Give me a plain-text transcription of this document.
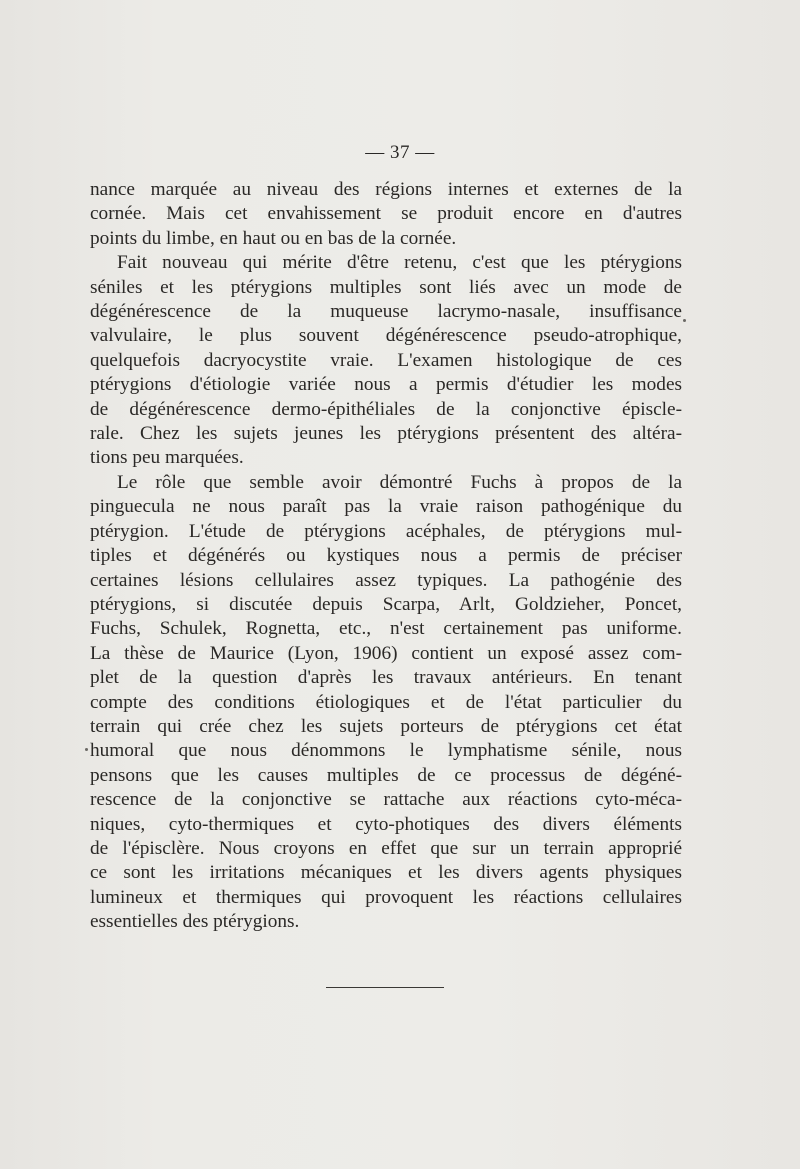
— 37 —
nance marquée au niveau des régions internes et externes de la
cornée. Mais cet envahissement se produit encore en d'autres
points du limbe, en haut ou en bas de la cornée.
Fait nouveau qui mérite d'être retenu, c'est que les ptérygions
séniles et les ptérygions multiples sont liés avec un mode de
dégénérescence de la muqueuse lacrymo-nasale, insuffisance
valvulaire, le plus souvent dégénérescence pseudo-atrophique,
quelquefois dacryocystite vraie. L'examen histologique de ces
ptérygions d'étiologie variée nous a permis d'étudier les modes
de dégénérescence dermo-épithéliales de la conjonctive épiscle-
rale. Chez les sujets jeunes les ptérygions présentent des altéra-
tions peu marquées.
Le rôle que semble avoir démontré Fuchs à propos de la
pinguecula ne nous paraît pas la vraie raison pathogénique du
ptérygion. L'étude de ptérygions acéphales, de ptérygions mul-
tiples et dégénérés ou kystiques nous a permis de préciser
certaines lésions cellulaires assez typiques. La pathogénie des
ptérygions, si discutée depuis Scarpa, Arlt, Goldzieher, Poncet,
Fuchs, Schulek, Rognetta, etc., n'est certainement pas uniforme.
La thèse de Maurice (Lyon, 1906) contient un exposé assez com-
plet de la question d'après les travaux antérieurs. En tenant
compte des conditions étiologiques et de l'état particulier du
terrain qui crée chez les sujets porteurs de ptérygions cet état
humoral que nous dénommons le lymphatisme sénile, nous
pensons que les causes multiples de ce processus de dégéné-
rescence de la conjonctive se rattache aux réactions cyto-méca-
niques, cyto-thermiques et cyto-photiques des divers éléments
de l'épisclère. Nous croyons en effet que sur un terrain approprié
ce sont les irritations mécaniques et les divers agents physiques
lumineux et thermiques qui provoquent les réactions cellulaires
essentielles des ptérygions.
